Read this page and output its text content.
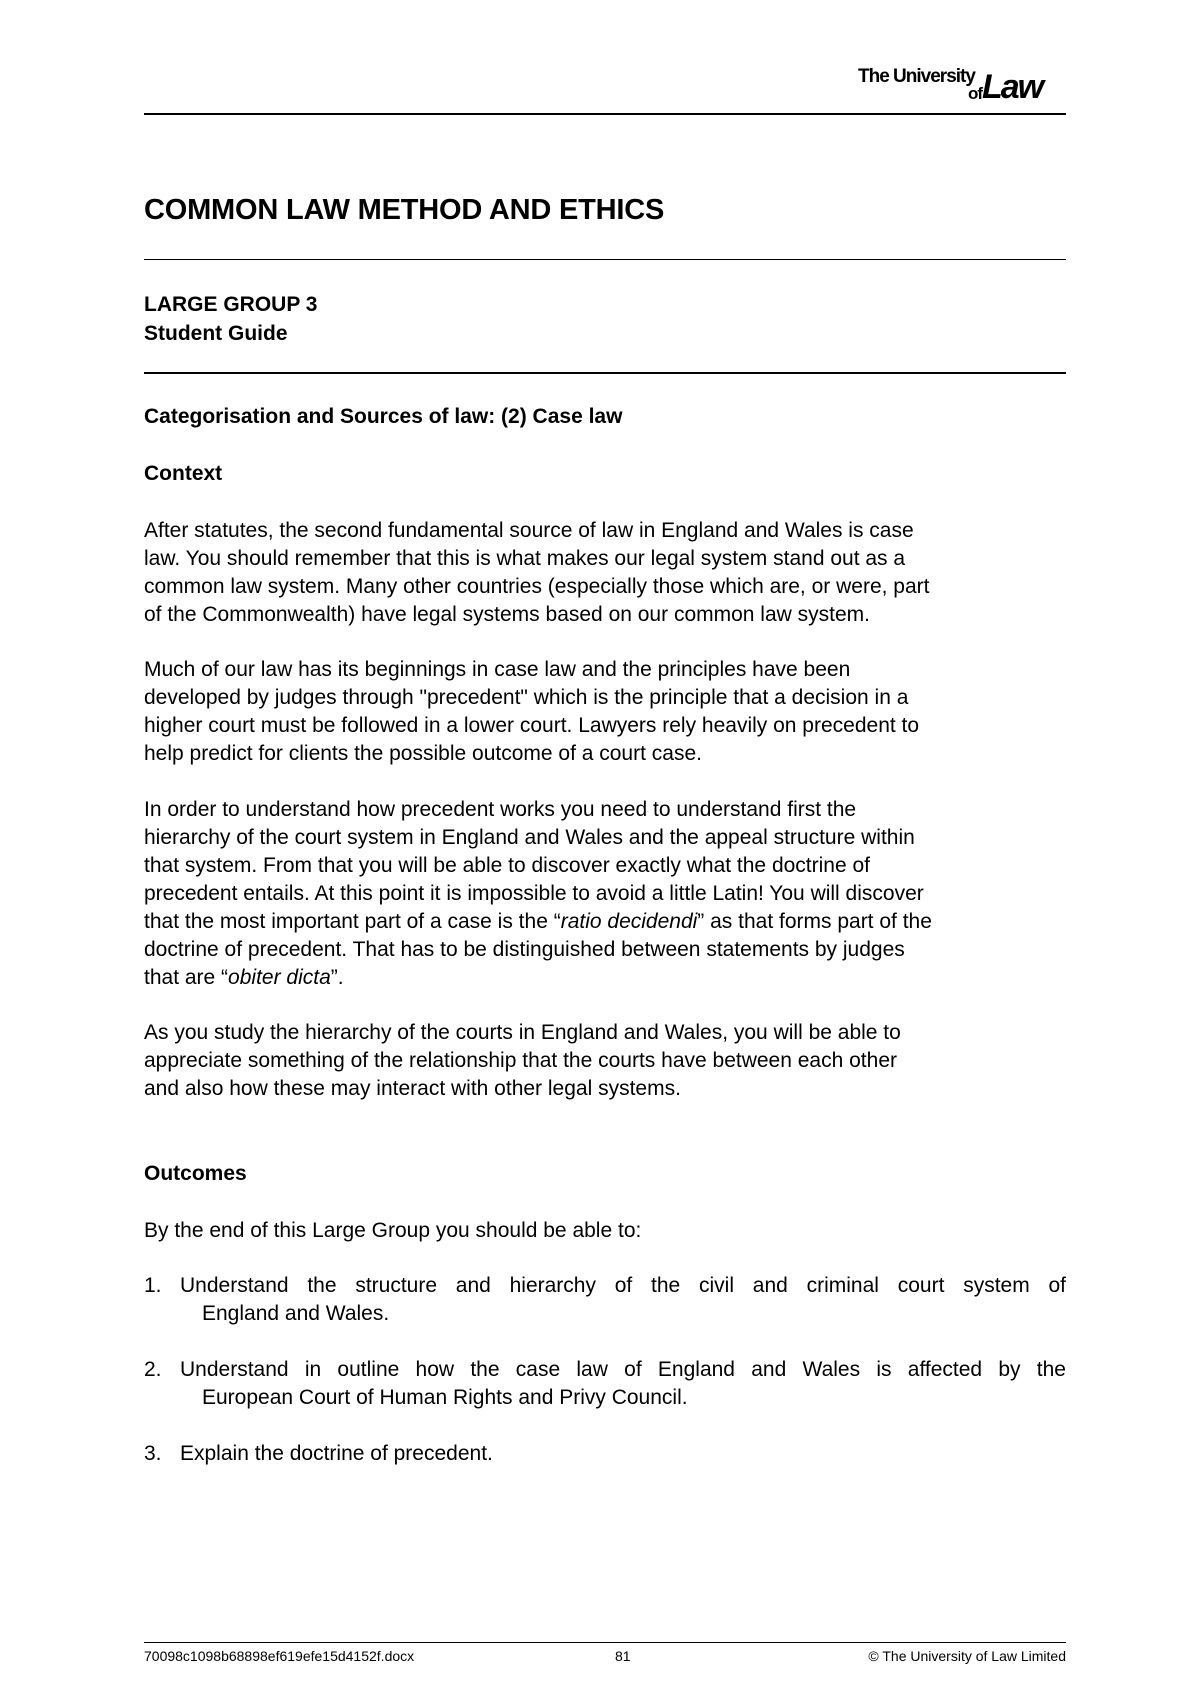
The University
of Law
COMMON LAW METHOD AND ETHICS
LARGE GROUP 3
Student Guide
Categorisation and Sources of law: (2) Case law
Context
After statutes, the second fundamental source of law in England and Wales is case
law. You should remember that this is what makes our legal system stand out as a
common law system. Many other countries (especially those which are, or were, part
of the Commonwealth) have legal systems based on our common law system.
Much of our law has its beginnings in case law and the principles have been
developed by judges through "precedent" which is the principle that a decision in a
higher court must be followed in a lower court. Lawyers rely heavily on precedent to
help predict for clients the possible outcome of a court case.
In order to understand how precedent works you need to understand first the
hierarchy of the court system in England and Wales and the appeal structure within
that system. From that you will be able to discover exactly what the doctrine of
precedent entails. At this point it is impossible to avoid a little Latin! You will discover
that the most important part of a case is the “ratio decidendi” as that forms part of the
doctrine of precedent. That has to be distinguished between statements by judges
that are “obiter dicta”.
As you study the hierarchy of the courts in England and Wales, you will be able to
appreciate something of the relationship that the courts have between each other
and also how these may interact with other legal systems.
Outcomes
By the end of this Large Group you should be able to:
1. Understand the structure and hierarchy of the civil and criminal court system of
England and Wales.
2. Understand in outline how the case law of England and Wales is affected by the
European Court of Human Rights and Privy Council.
3. Explain the doctrine of precedent.
70098c1098b68898ef619efe15d4152f.docx	81	© The University of Law Limited
